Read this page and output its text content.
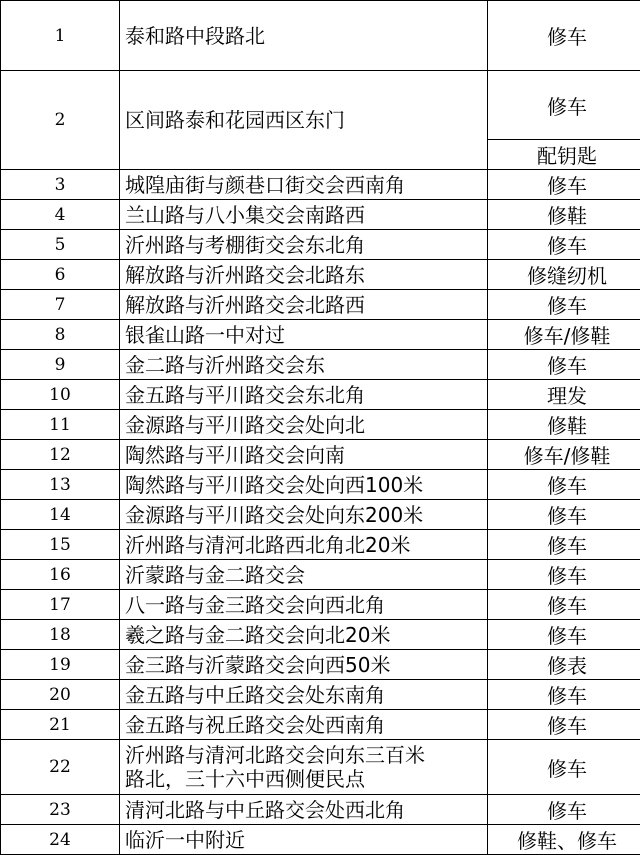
1	泰和路中段路北	修车
2	区间路泰和花园西区东门	修车
		配钥匙
3	城隍庙街与颜巷口街交会西南角	修车
4	兰山路与八小集交会南路西	修鞋
5	沂州路与考棚街交会东北角	修车
6	解放路与沂州路交会北路东	修缝纫机
7	解放路与沂州路交会北路西	修车
8	银雀山路一中对过	修车/修鞋
9	金二路与沂州路交会东	修车
10	金五路与平川路交会东北角	理发
11	金源路与平川路交会处向北	修鞋
12	陶然路与平川路交会向南	修车/修鞋
13	陶然路与平川路交会处向西100米	修车
14	金源路与平川路交会处向东200米	修车
15	沂州路与清河北路西北角北20米	修车
16	沂蒙路与金二路交会	修车
17	八一路与金三路交会向西北角	修车
18	羲之路与金二路交会向北20米	修车
19	金三路与沂蒙路交会向西50米	修表
20	金五路与中丘路交会处东南角	修车
21	金五路与祝丘路交会处西南角	修车
22	沂州路与清河北路交会向东三百米
路北，三十六中西侧便民点	修车
23	清河北路与中丘路交会处西北角	修车
24	临沂一中附近	修鞋、修车
